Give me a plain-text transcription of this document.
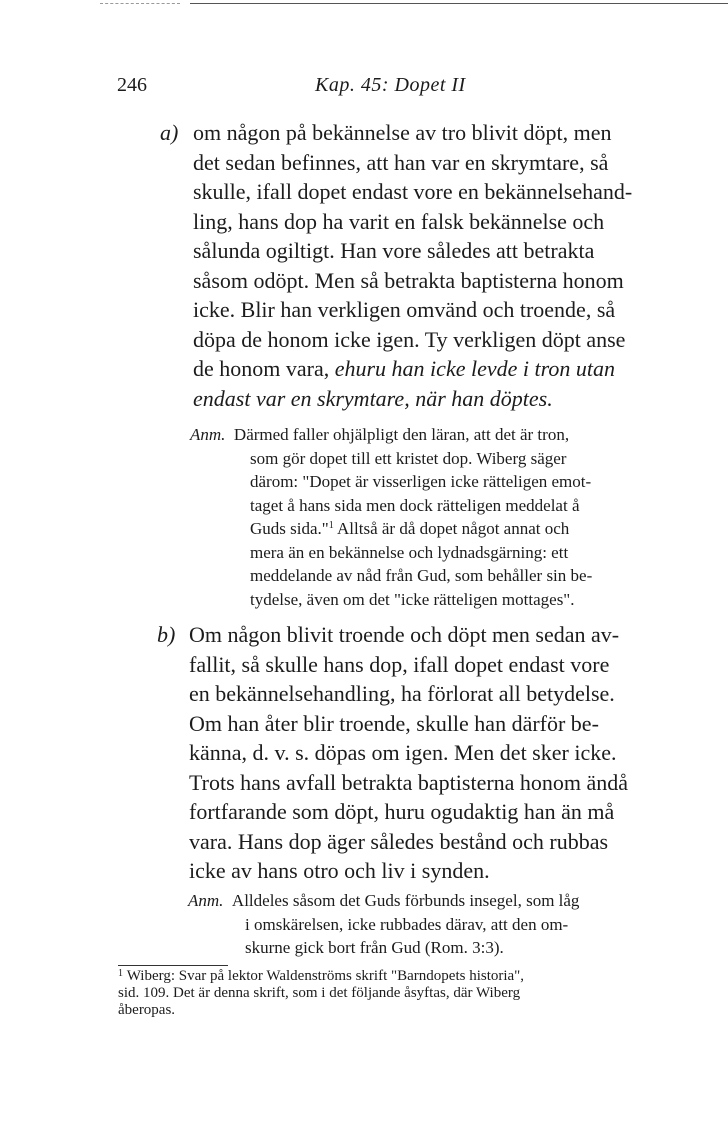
246	Kap. 45: Dopet II
a) om någon på bekännelse av tro blivit döpt, men
det sedan befinnes, att han var en skrymtare, så
skulle, ifall dopet endast vore en bekännelsehand-
ling, hans dop ha varit en falsk bekännelse och
sålunda ogiltigt. Han vore således att betrakta
såsom odöpt. Men så betrakta baptisterna honom
icke. Blir han verkligen omvänd och troende, så
döpa de honom icke igen. Ty verkligen döpt anse
de honom vara, ehuru han icke levde i tron utan
endast var en skrymtare, när han döptes.
Anm. Därmed faller ohjälpligt den läran, att det är tron,
som gör dopet till ett kristet dop. Wiberg säger
därom: "Dopet är visserligen icke rätteligen emot-
taget å hans sida men dock rätteligen meddelat å
Guds sida."$^1$ Alltså är då dopet något annat och
mera än en bekännelse och lydnadsgärning: ett
meddelande av nåd från Gud, som behåller sin be-
tydelse, även om det "icke rätteligen mottages".
b) Om någon blivit troende och döpt men sedan av-
fallit, så skulle hans dop, ifall dopet endast vore
en bekännelsehandling, ha förlorat all betydelse.
Om han åter blir troende, skulle han därför be-
känna, d. v. s. döpas om igen. Men det sker icke.
Trots hans avfall betrakta baptisterna honom ändå
fortfarande som döpt, huru ogudaktig han än må
vara. Hans dop äger således bestånd och rubbas
icke av hans otro och liv i synden.
Anm. Alldeles såsom det Guds förbunds insegel, som låg
i omskärelsen, icke rubbades därav, att den om-
skurne gick bort från Gud (Rom. 3:3).
$^1$ Wiberg: Svar på lektor Waldenströms skrift "Barndopets historia",
sid. 109. Det är denna skrift, som i det följande åsyftas, där Wiberg
åberopas.
